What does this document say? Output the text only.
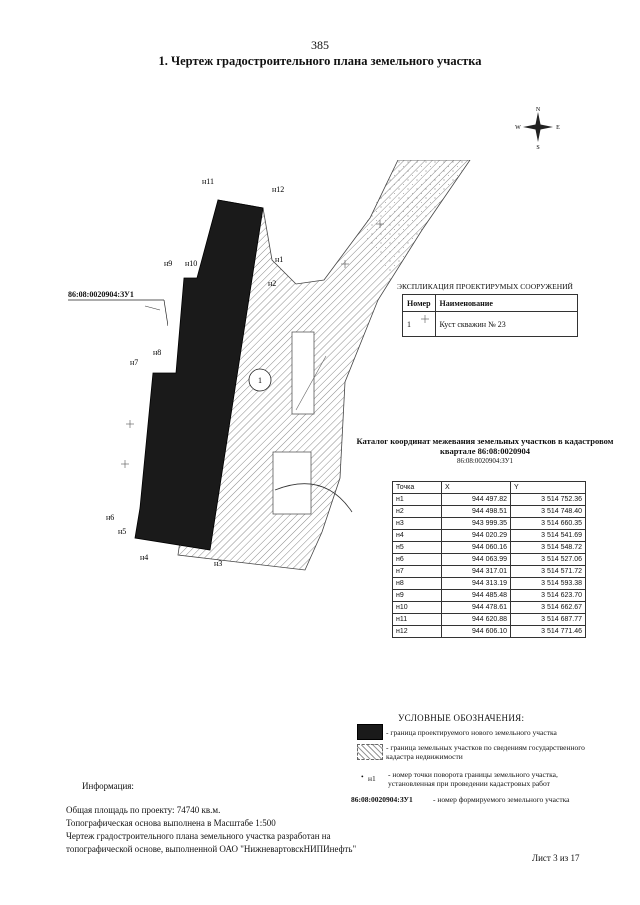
385
1. Чертеж градостроительного плана земельного участка
N
S
E
W
1
н11
н12
н10
н9	н1
н2
н8
н7
н6
н5
н4
н3
86:08:0020904:ЗУ1
ЭКСПЛИКАЦИЯ ПРОЕКТИРУМЫХ СООРУЖЕНИЙ
Номер	Наименование
1	Куст скважин № 23
Каталог координат межевания земельных участков в кадастровом квартале 86:08:0020904
86:08:0020904:ЗУ1
Точка	X	Y
н1	944 497.82	3 514 752.36
н2	944 498.51	3 514 748.40
н3	943 999.35	3 514 660.35
н4	944 020.29	3 514 541.69
н5	944 060.16	3 514 548.72
н6	944 063.99	3 514 527.06
н7	944 317.01	3 514 571.72
н8	944 313.19	3 514 593.38
н9	944 485.48	3 514 623.70
н10	944 478.61	3 514 662.67
н11	944 620.88	3 514 687.77
н12	944 606.10	3 514 771.46
УСЛОВНЫЕ ОБОЗНАЧЕНИЯ:
- граница проектируемого нового земельного участка
- граница земельных участков по сведениям государственного кадастра недвижимости
• н1 - номер точки поворота границы земельного участка, установленная при проведении кадастровых работ
86:08:0020904:ЗУ1	- номер формируемого земельного участка
Информация:
Общая площадь по проекту: 74740 кв.м.
Топографическая основа выполнена в Масштабе 1:500
Чертеж градостроительного плана земельного участка разработан на
топографической основе, выполненной ОАО "НижневартовскНИПИнефть"
Лист 3 из 17
